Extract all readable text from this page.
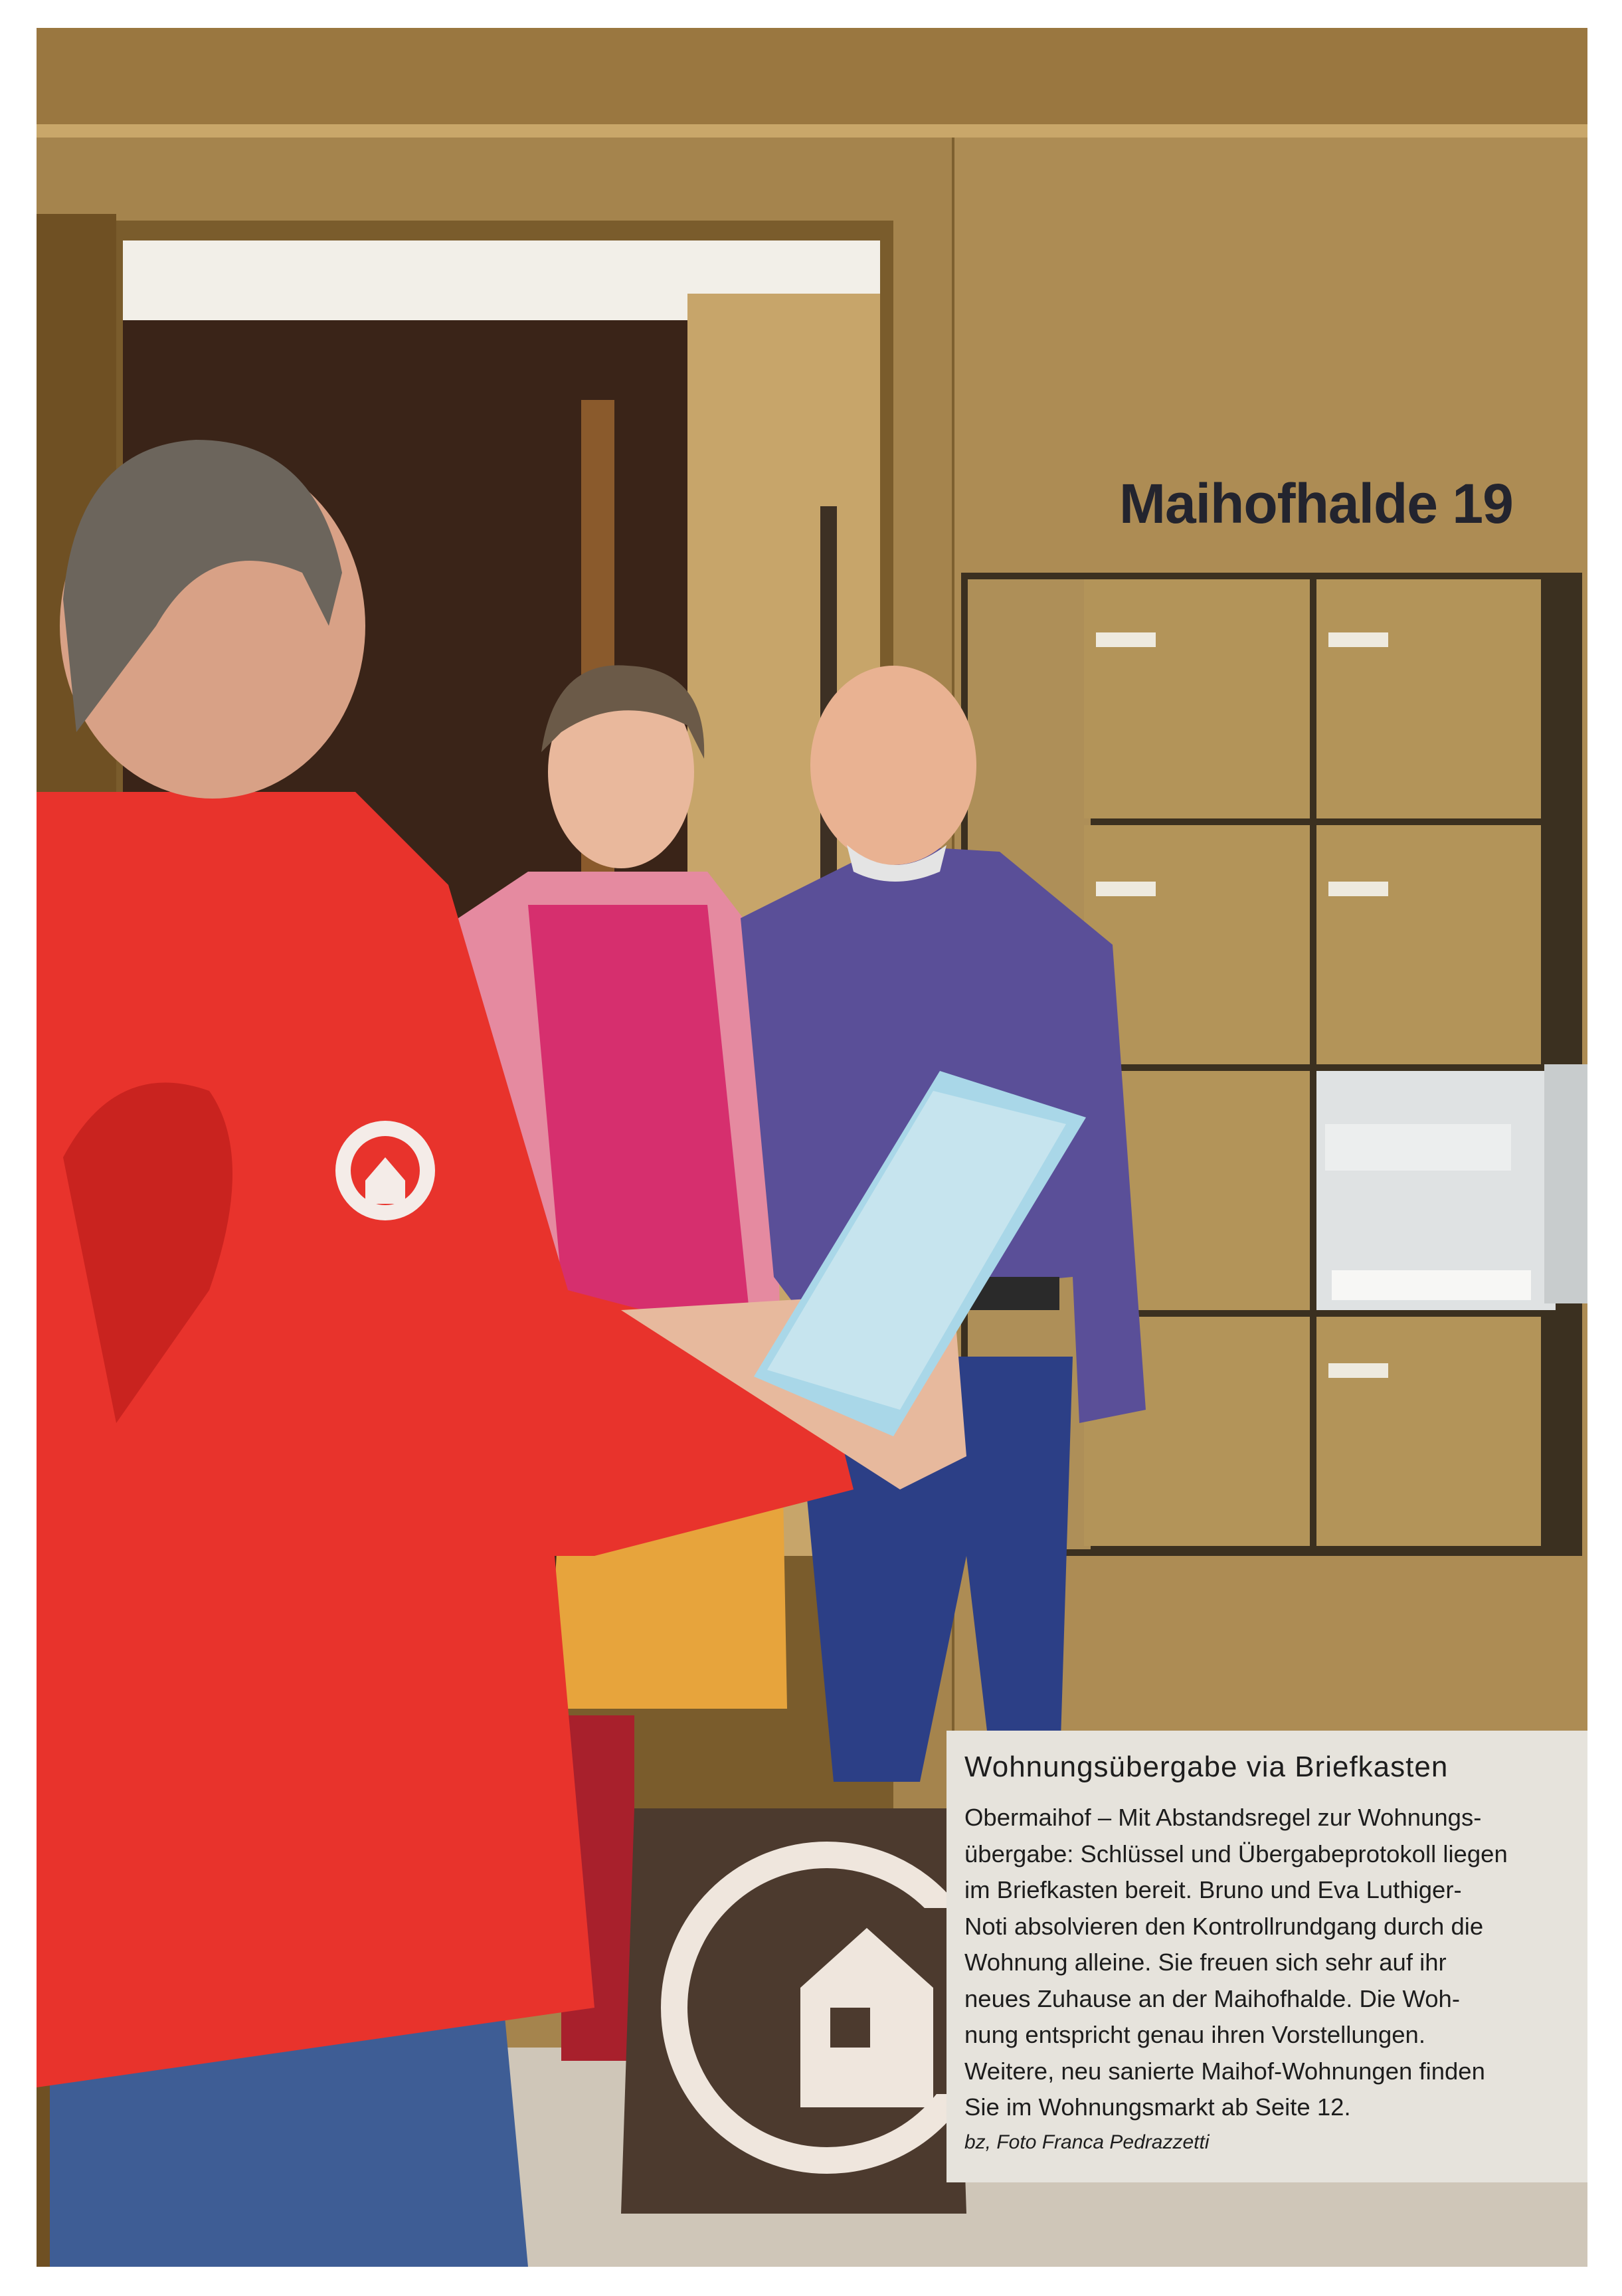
Maihofhalde 19
Wohnungsübergabe via Briefkasten
Obermaihof – Mit Abstandsregel zur Wohnungs-
übergabe: Schlüssel und Übergabeprotokoll liegen
im Briefkasten bereit. Bruno und Eva Luthiger-
Noti absolvieren den Kontrollrundgang durch die
Wohnung alleine. Sie freuen sich sehr auf ihr
neues Zuhause an der Maihofhalde. Die Woh-
nung entspricht genau ihren Vorstellungen.
Weitere, neu sanierte Maihof-Wohnungen finden
Sie im Wohnungsmarkt ab Seite 12.
bz, Foto Franca Pedrazzetti
